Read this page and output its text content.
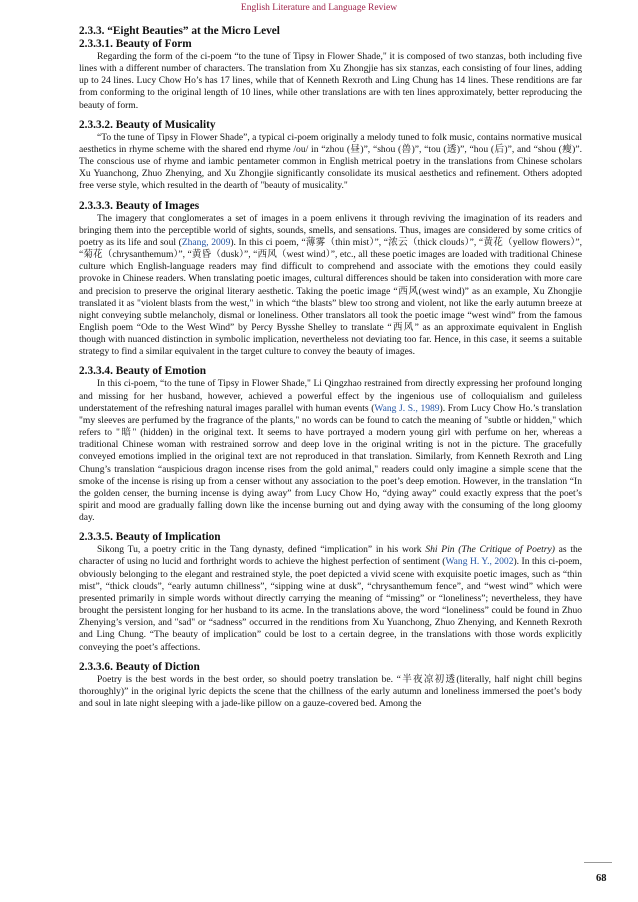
English Literature and Language Review
2.3.3. “Eight Beauties” at the Micro Level
2.3.3.1. Beauty of Form

Regarding the form of the ci-poem “to the tune of Tipsy in Flower Shade," it is composed of two stanzas, both including five lines with a different number of characters. The translation from Xu Zhongjie has six stanzas, each consisting of four lines, adding up to 24 lines. Lucy Chow Ho’s has 17 lines, while that of Kenneth Rexroth and Ling Chung has 14 lines. These renditions are far from conforming to the original length of 10 lines, while other translations are with ten lines approximately, better reproducing the beauty of form.

2.3.3.2. Beauty of Musicality

“To the tune of Tipsy in Flower Shade”, a typical ci-poem originally a melody tuned to folk music, contains normative musical aesthetics in rhyme scheme with the shared end rhyme /ou/ in “zhou (昼)”, “shou (兽)”, “tou (透)”, “hou (后)”, and “shou (瘦)”. The conscious use of rhyme and iambic pentameter common in English metrical poetry in the translations from Chinese scholars Xu Yuanchong, Zhuo Zhenying, and Xu Zhongjie significantly consolidate its musical aesthetics and refinement. Others adopted free verse style, which resulted in the dearth of "beauty of musicality."

2.3.3.3. Beauty of Images

The imagery that conglomerates a set of images in a poem enlivens it through reviving the imagination of its readers and bringing them into the perceptible world of sights, sounds, smells, and sensations. Thus, images are considered by some critics of poetry as its life and soul (Zhang, 2009). In this ci poem, “薄雾（thin mist）”, “浓云（thick clouds）”, “黄花（yellow flowers）”, “菊花（chrysanthemum）”, “黄昏（dusk）”, “西风（west wind）”, etc., all these poetic images are loaded with traditional Chinese culture which English-language readers may find difficult to comprehend and associate with the emotions they could easily provoke in Chinese readers. When translating poetic images, cultural differences should be taken into consideration with more care and precision to preserve the original literary aesthetic. Taking the poetic image “西风(west wind)” as an example, Xu Zhongjie translated it as "violent blasts from the west," in which “the blasts” blew too strong and violent, not like the early autumn breeze at night conveying subtle melancholy, dismal or loneliness. Other translators all took the poetic image “west wind” from the famous English poem “Ode to the West Wind” by Percy Bysshe Shelley to translate “西风” as an approximate equivalent in English though with nuanced distinction in symbolic implication, nevertheless not deviating too far. Hence, in this case, it seems a suitable strategy to find a similar equivalent in the target culture to convey the beauty of images.

2.3.3.4. Beauty of Emotion

In this ci-poem, “to the tune of Tipsy in Flower Shade," Li Qingzhao restrained from directly expressing her profound longing and missing for her husband, however, achieved a powerful effect by the ingenious use of colloquialism and guileless understatement of the refreshing natural images parallel with human events (Wang J. S., 1989). From Lucy Chow Ho.’s translation "my sleeves are perfumed by the fragrance of the plants," no words can be found to catch the meaning of "subtle or hidden," which refers to "暗" (hidden) in the original text. It seems to have portrayed a modern young girl with perfume on her, whereas a traditional Chinese woman with restrained sorrow and deep love in the original writing is not in the picture. The gracefully conveyed emotions implied in the original text are not reproduced in that translation. Similarly, from Kenneth Rexroth and Ling Chung’s translation “auspicious dragon incense rises from the gold animal," readers could only imagine a simple scene that the smoke of the incense is rising up from a censer without any association to the poet’s deep emotion. However, in the translation “In the golden censer, the burning incense is dying away” from Lucy Chow Ho, “dying away” could exactly express that the poet’s spirit and mood are gradually falling down like the incense burning out and dying away with the consuming of the long gloomy day.

2.3.3.5. Beauty of Implication

Sikong Tu, a poetry critic in the Tang dynasty, defined “implication” in his work Shi Pin (The Critique of Poetry) as the character of using no lucid and forthright words to achieve the highest perfection of sentiment (Wang H. Y., 2002). In this ci-poem, obviously belonging to the elegant and restrained style, the poet depicted a vivid scene with exquisite poetic images, such as “thin mist”, “thick clouds”, “early autumn chillness”, “sipping wine at dusk”, “chrysanthemum fence”, and “west wind” which were presented primarily in simple words without directly carrying the meaning of “missing” or “loneliness”; nevertheless, they have brought the persistent longing for her husband to its acme. In the translations above, the word “loneliness” could be found in Zhuo Zhenying’s version, and "sad" or “sadness” occurred in the renditions from Xu Yuanchong, Zhuo Zhenying, and Kenneth Rexroth and Ling Chung. “The beauty of implication” could be lost to a certain degree, in the translations with those words explicitly conveying the poet’s affections.

2.3.3.6. Beauty of Diction

Poetry is the best words in the best order, so should poetry translation be. “半夜凉初透(literally, half night chill begins thoroughly)” in the original lyric depicts the scene that the chillness of the early autumn and loneliness immersed the poet’s body and soul in late night sleeping with a jade-like pillow on a gauze-covered bed. Among the

68
